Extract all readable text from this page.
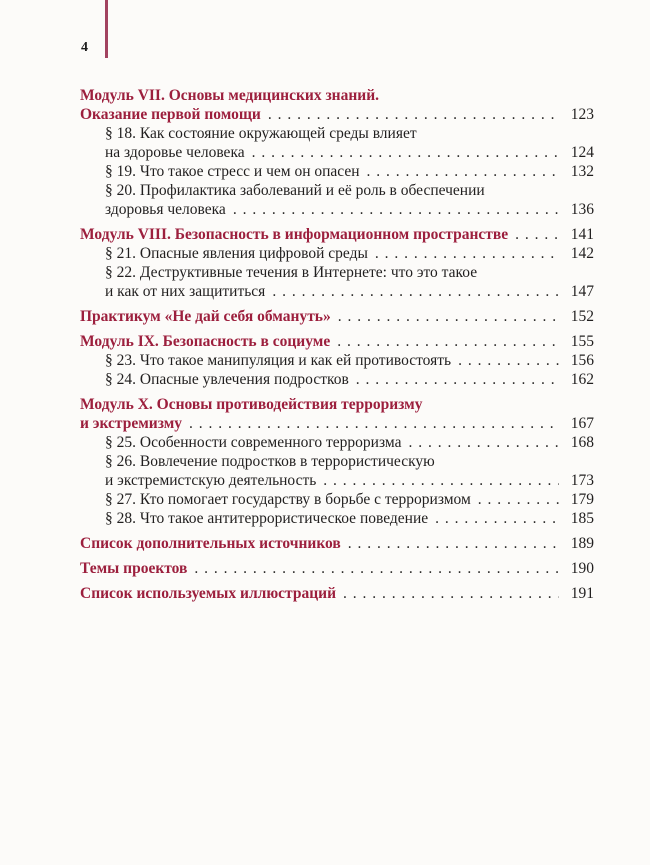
4
Модуль VII. Основы медицинских знаний.
Оказание первой помощи . . .	123
§ 18. Как состояние окружающей среды влияет
на здоровье человека . . .	124
§ 19. Что такое стресс и чем он опасен . . .	132
§ 20. Профилактика заболеваний и её роль в обеспечении
здоровья человека . . .	136
Модуль VIII. Безопасность в информационном пространстве . . .	141
§ 21. Опасные явления цифровой среды . . .	142
§ 22. Деструктивные течения в Интернете: что это такое
и как от них защититься . . .	147
Практикум «Не дай себя обмануть» . . .	152
Модуль IX. Безопасность в социуме . . .	155
§ 23. Что такое манипуляция и как ей противостоять . . .	156
§ 24. Опасные увлечения подростков . . .	162
Модуль X. Основы противодействия терроризму
и экстремизму . . .	167
§ 25. Особенности современного терроризма . . .	168
§ 26. Вовлечение подростков в террористическую
и экстремистскую деятельность . . .	173
§ 27. Кто помогает государству в борьбе с терроризмом . . .	179
§ 28. Что такое антитеррористическое поведение . . .	185
Список дополнительных источников . . .	189
Темы проектов . . .	190
Список используемых иллюстраций . . .	191
